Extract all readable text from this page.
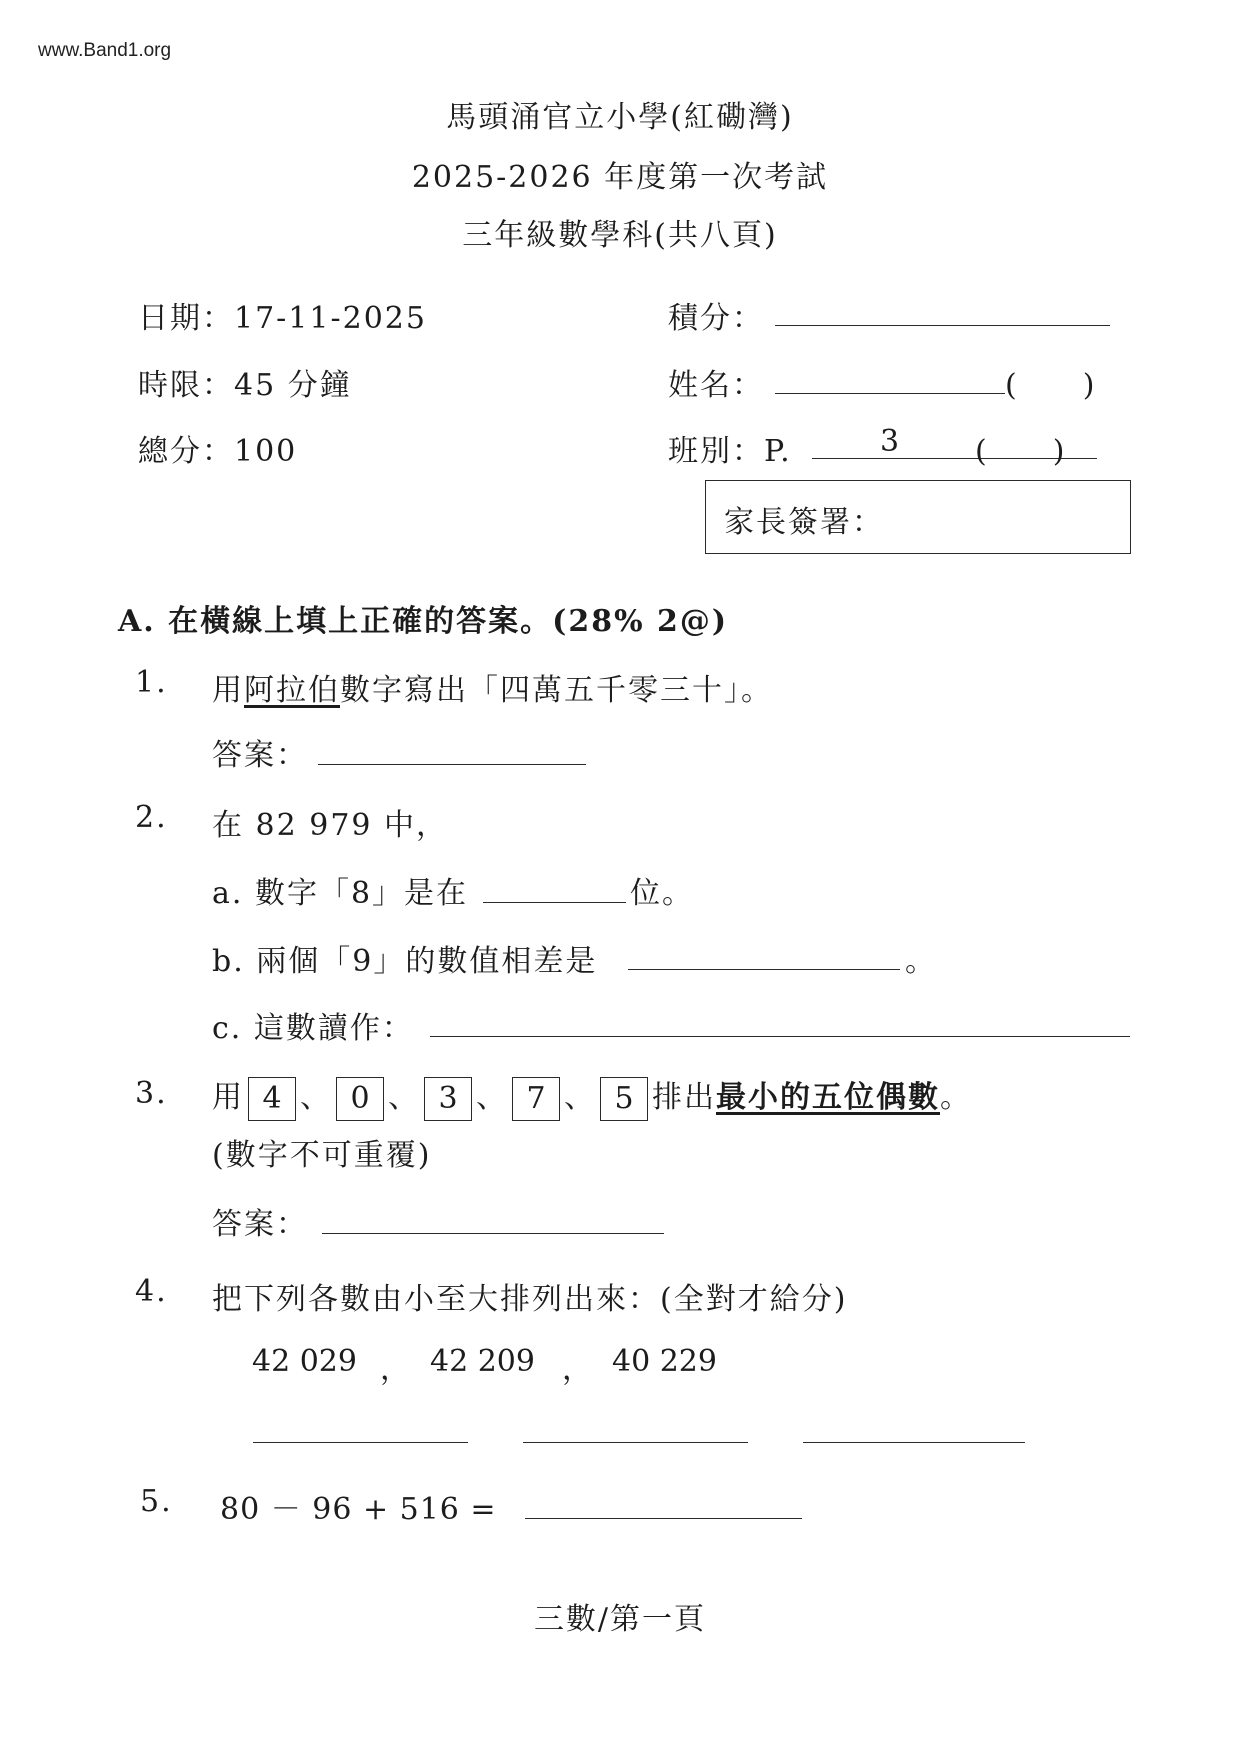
www.Band1.org
馬頭涌官立小學(紅磡灣)
2025-2026 年度第一次考試
三年級數學科(共八頁)
日期：17-11-2025
時限：45 分鐘
總分：100
積分：
姓名：	(　　)
班別：P.	3 (　　)
家長簽署：
A. 在橫線上填上正確的答案。(28% 2@)
1. 用阿拉伯數字寫出「四萬五千零三十」。
答案：
2. 在 82 979 中，
a. 數字「8」是在	位。
b. 兩個「9」的數值相差是	。
c. 這數讀作：
3. 用 4 、 0 、 3 、 7 、 5 排出最小的五位偶數。
(數字不可重覆)
答案：
4. 把下列各數由小至大排列出來：(全對才給分)
42 029 ， 42 209 ， 40 229
5. 80 － 96 + 516 =
三數/第一頁
